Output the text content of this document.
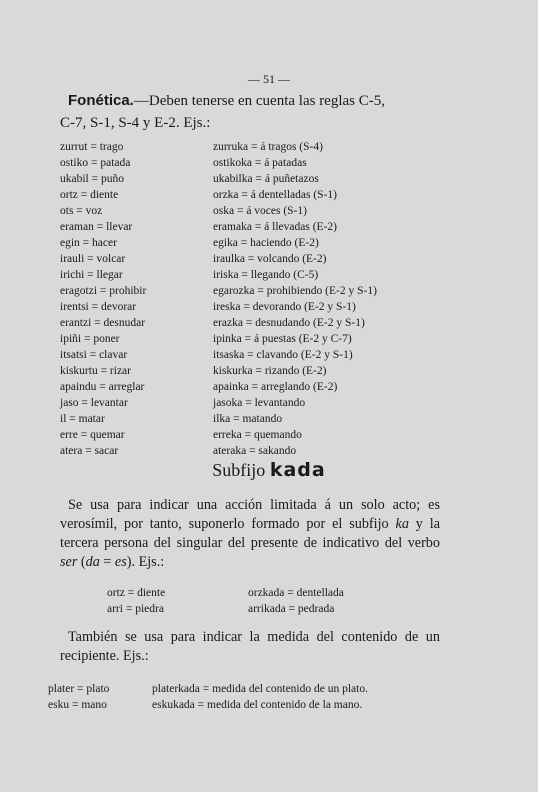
— 51 —
Fonética.—Deben tenerse en cuenta las reglas C-5,
C-7, S-1, S-4 y E-2. Ejs.:
zurrut = trago
ostiko = patada
ukabil = puño
ortz = diente
ots = voz
eraman = llevar
egin = hacer
irauli = volcar
irichi = llegar
eragotzi = prohibir
irentsi = devorar
erantzi = desnudar
ipiñi = poner
itsatsi = clavar
kiskurtu = rizar
apaindu = arreglar
jaso = levantar
il = matar
erre = quemar
atera = sacar
zurruka = á tragos (S-4)
ostikoka = á patadas
ukabilka = á puñetazos
orzka = á dentelladas (S-1)
oska = á voces (S-1)
eramaka = á llevadas (E-2)
egika = haciendo (E-2)
iraulka = volcando (E-2)
iriska = llegando (C-5)
egarozka = prohibiendo (E-2 y S-1)
ireska = devorando (E-2 y S-1)
erazka = desnudando (E-2 y S-1)
ipinka = á puestas (E-2 y C-7)
itsaska = clavando (E-2 y S-1)
kiskurka = rizando (E-2)
apainka = arreglando (E-2)
jasoka = levantando
ilka = matando
erreka = quemando
ateraka = sakando
Subfijo kada
Se usa para indicar una acción limitada á un solo acto; es verosímil, por tanto, suponerlo formado por el subfijo ka y la tercera persona del singular del presente de indicativo del verbo ser (da = es). Ejs.:
ortz = diente
arri = piedra
orzkada = dentellada
arrikada = pedrada
También se usa para indicar la medida del contenido de un recipiente. Ejs.:
plater = plato
esku = mano
platerkada = medida del contenido de un plato.
eskukada = medida del contenido de la mano.
